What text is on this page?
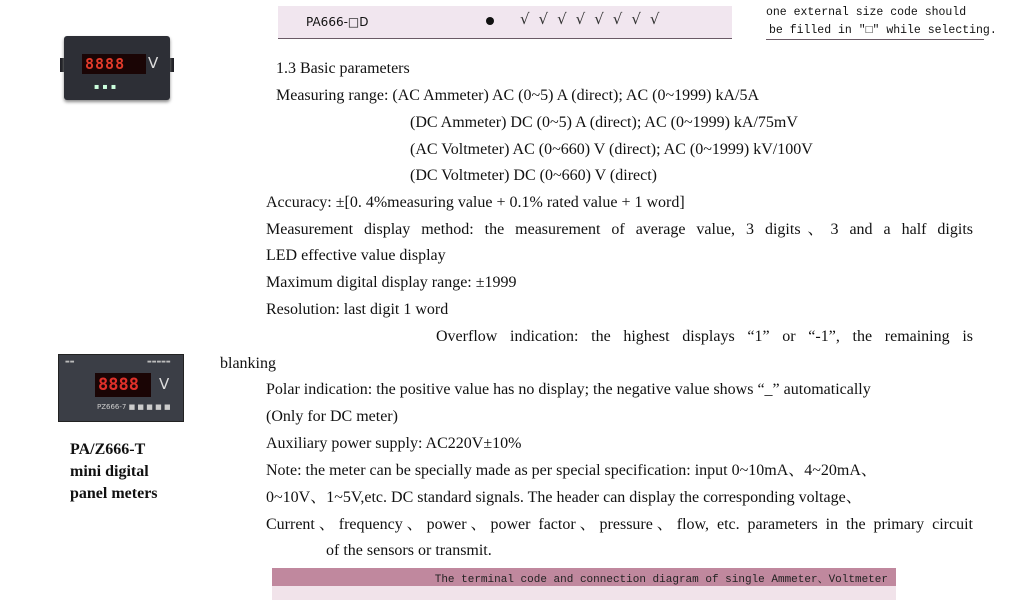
PA666-□D	√√√√√√√√	one external size code should
be filled in "□" while selecting.
8888 V
▪▪▪
1.3 Basic parameters
Measuring range: (AC Ammeter) AC (0~5) A (direct); AC (0~1999) kA/5A
(DC Ammeter) DC (0~5) A (direct); AC (0~1999) kA/75mV
(AC Voltmeter) AC (0~660) V (direct); AC (0~1999) kV/100V
(DC Voltmeter) DC (0~660) V (direct)
Accuracy: ±[0. 4%measuring value + 0.1% rated value + 1 word]
Measurement display method: the measurement of average value, 3 digits、3 and a half digits
LED effective value display
Maximum digital display range: ±1999
Resolution: last digit 1 word
Overflow indication: the highest displays “1” or “-1”, the remaining is
blanking
Polar indication: the positive value has no display; the negative value shows “_” automatically
(Only for DC meter)
Auxiliary power supply: AC220V±10%
Note: the meter can be specially made as per special specification: input 0~10mA、4~20mA、
0~10V、1~5V,etc. DC standard signals. The header can display the corresponding voltage、
Current、frequency、power、power factor、pressure、flow, etc. parameters in the primary circuit
of the sensors or transmit.
▬▬	▬▬▬▬▬
8888 V
PZ666-7 ■ ■ ■ ■ ■
PA/Z666-T
mini digital
panel meters
The terminal code and connection diagram of single Ammeter、Voltmeter
